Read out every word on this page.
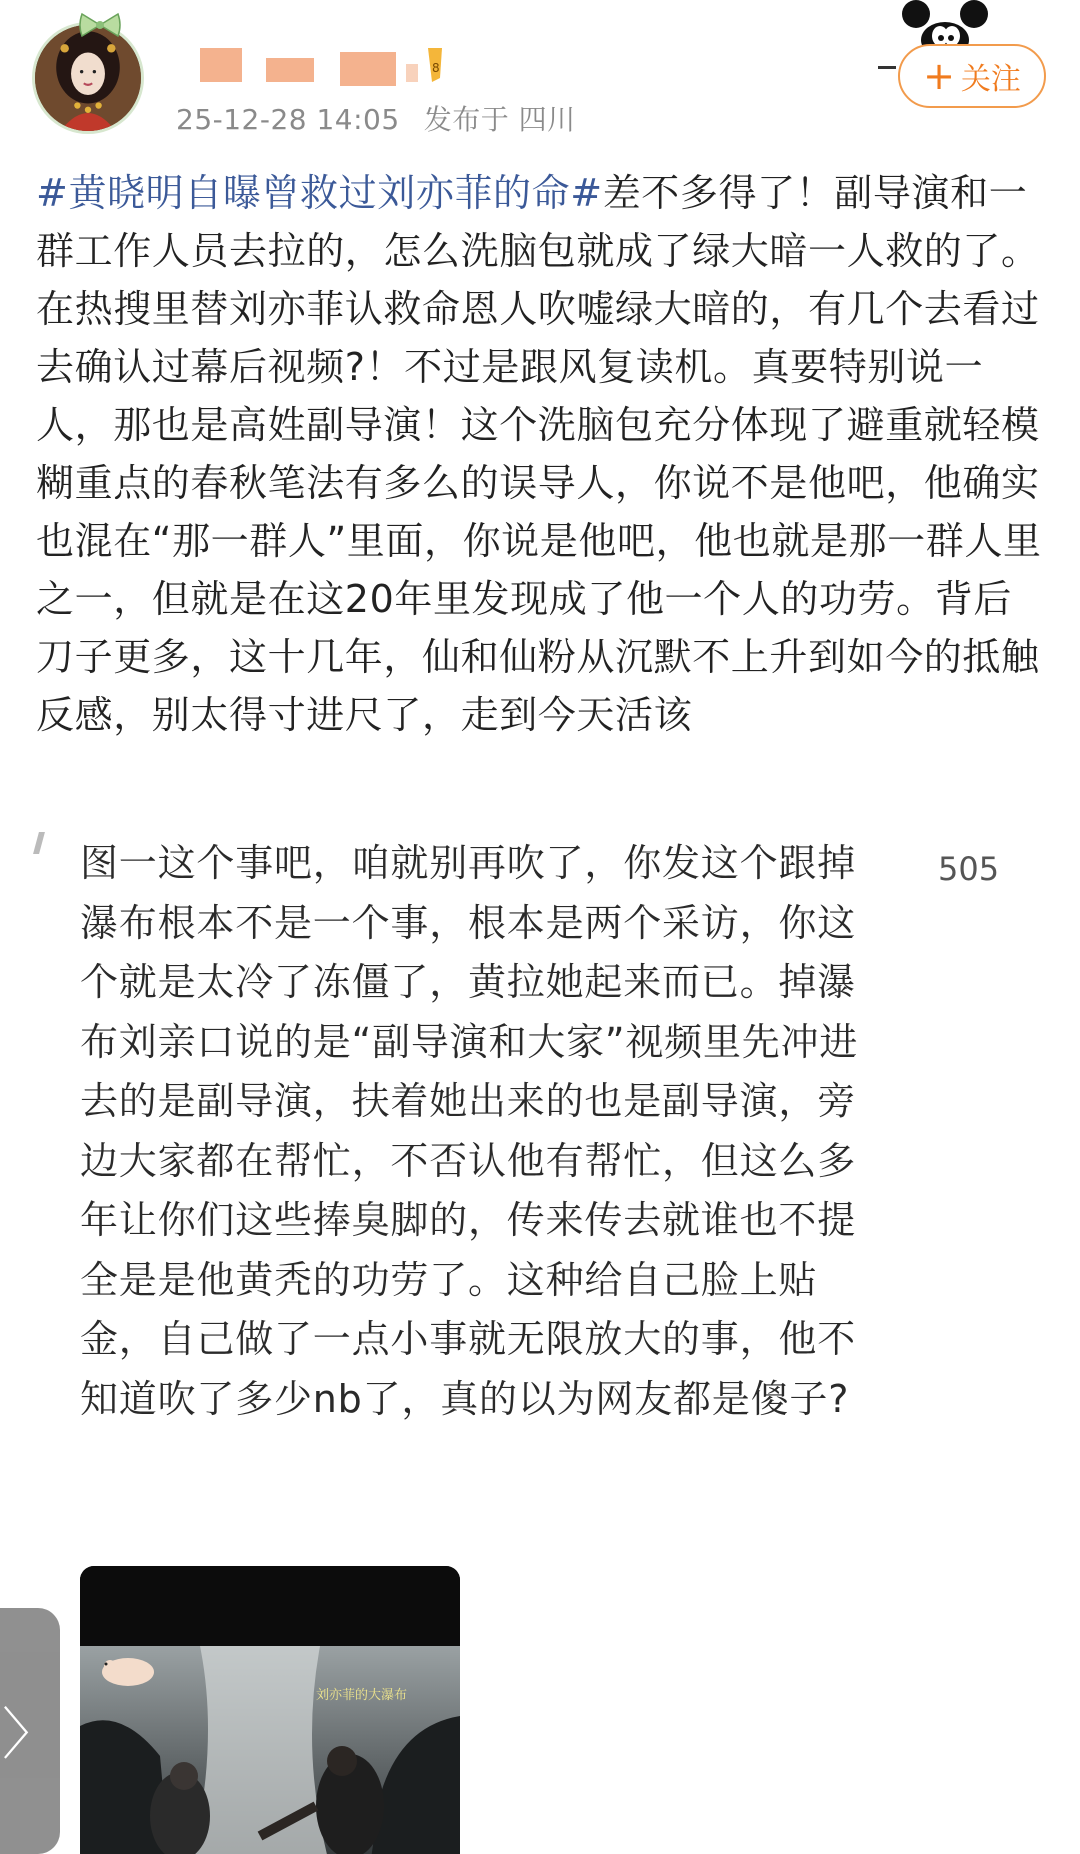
8
25-12-28 14:05 发布于 四川
+ 关注
#黄晓明自曝曾救过刘亦菲的命#差不多得了！副导演和一群工作人员去拉的，怎么洗脑包就成了绿大暗一人救的了。在热搜里替刘亦菲认救命恩人吹嘘绿大暗的，有几个去看过去确认过幕后视频?！不过是跟风复读机。真要特别说一人，那也是高姓副导演！这个洗脑包充分体现了避重就轻模糊重点的春秋笔法有多么的误导人，你说不是他吧，他确实也混在“那一群人”里面，你说是他吧，他也就是那一群人里之一，但就是在这20年里发现成了他一个人的功劳。背后刀子更多，这十几年，仙和仙粉从沉默不上升到如今的抵触反感，别太得寸进尺了，走到今天活该
图一这个事吧，咱就别再吹了，你发这个跟掉瀑布根本不是一个事，根本是两个采访，你这个就是太冷了冻僵了，黄拉她起来而已。掉瀑布刘亲口说的是“副导演和大家”视频里先冲进去的是副导演，扶着她出来的也是副导演，旁边大家都在帮忙，不否认他有帮忙，但这么多年让你们这些捧臭脚的，传来传去就谁也不提全是是他黄秃的功劳了。这种给自己脸上贴金，自己做了一点小事就无限放大的事，他不知道吹了多少nb了，真的以为网友都是傻子?
505
刘亦菲的大瀑布
〉
